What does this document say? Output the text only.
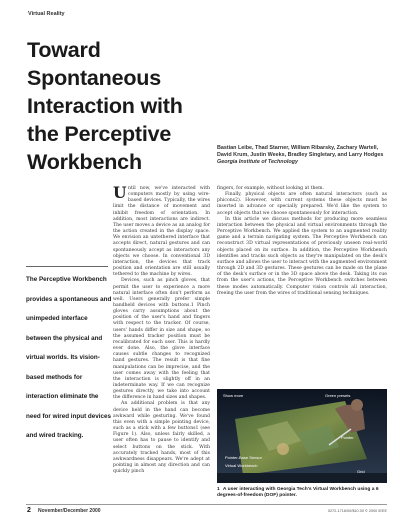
Virtual Reality
Toward
Spontaneous
Interaction with
the Perceptive
Workbench
Bastian Leibe, Thad Starner, William Ribarsky, Zachary Wartell, David Krum, Justin Weeks, Bradley Singletary, and Larry Hodges
Georgia Institute of Technology
The Perceptive Workbench
provides a spontaneous and
unimpeded interface
between the physical and
virtual worlds. Its vision-
based methods for
interaction eliminate the
need for wired input devices
and wired tracking.

Until now, we've interacted with computers mostly by using wire-based devices. Typically, the wires limit the distance of movement and inhibit freedom of orientation. In addition, most interactions are indirect. The user moves a device as an analog for the action created in the display space. We envision an untethered interface that accepts direct, natural gestures and can spontaneously accept as interactors any objects we choose. In conventional 3D interaction, the devices that track position and orientation are still usually tethered to the machine by wires.

Devices, such as pinch gloves, that permit the user to experience a more natural interface often don't perform as well. Users generally prefer simple handheld devices with buttons.1 Pinch gloves carry assumptions about the position of the user's hand and fingers with respect to the tracker. Of course, users' hands differ in size and shape, so the assumed tracker position must be recalibrated for each user. This is hardly ever done. Also, the glove interface causes subtle changes to recognized hand gestures. The result is that fine manipulations can be imprecise, and the user comes away with the feeling that the interaction is slightly off in an indeterminate way. If we can recognize gestures directly, we take into account the difference in hand sizes and shapes.

An additional problem is that any device held in the hand can become awkward while gesturing. We've found this even with a simple pointing device, such as a stick with a few buttons1 (see Figure 1). Also, unless fairly skilled, a user often has to pause to identify and select buttons on the stick. With accurately tracked hands, most of this awkwardness disappears. We're adept at pointing in almost any direction and can quickly pinch

fingers, for example, without looking at them.

Finally, physical objects are often natural interactors (such as phicons2). However, with current systems these objects must be inserted in advance or specially prepared. We'd like the system to accept objects that we choose spontaneously for interaction.

In this article we discuss methods for producing more seamless interaction between the physical and virtual environments through the Perceptive Workbench. We applied the system to an augmented reality game and a terrain navigating system. The Perceptive Workbench can reconstruct 3D virtual representations of previously unseen real-world objects placed on its surface. In addition, the Perceptive Workbench identifies and tracks such objects as they're manipulated on the desk's surface and allows the user to interact with the augmented environment through 2D and 3D gestures. These gestures can be made on the plane of the desk's surface or in the 3D space above the desk. Taking its cue from the user's actions, the Perceptive Workbench switches between these modes automatically. Computer vision controls all interaction, freeing the user from the wires of traditional sensing techniques.

Show more	Green presets
Pointer
Pointer-Base Sensor
Virtual Workbench
Grid
1 A user interacting with Georgia Tech's Virtual Workbench using a 6 degrees-of-freedom (DOF) pointer.
2 November/December 2000	0272-1716/00/$10.00 © 2000 IEEE
